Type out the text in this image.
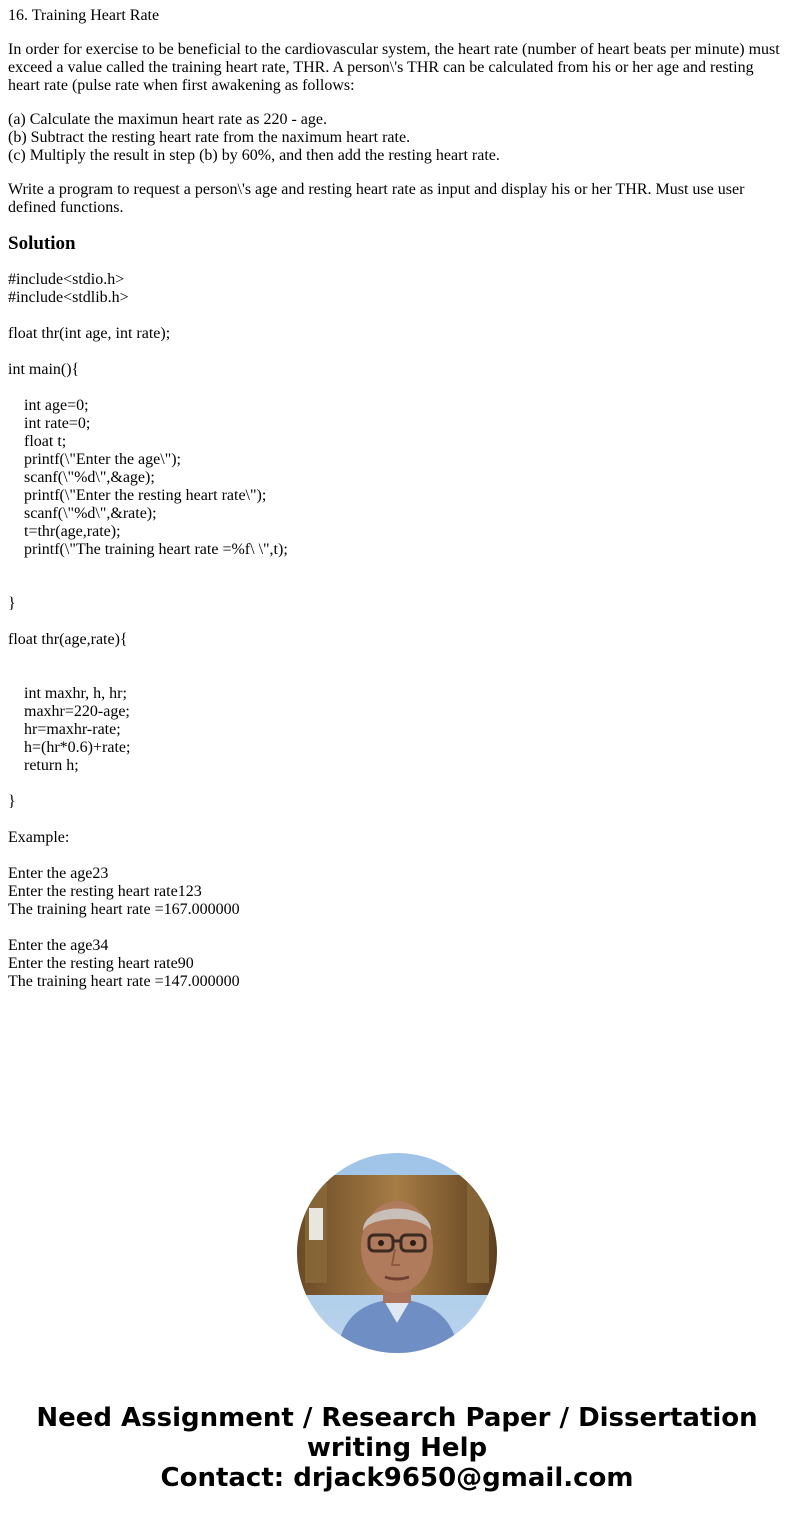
16. Training Heart Rate

In order for exercise to be beneficial to the cardiovascular system, the heart rate (number of heart beats per minute) must exceed a value called the training heart rate, THR. A person\'s THR can be calculated from his or her age and resting heart rate (pulse rate when first awakening as follows:

(a) Calculate the maximun heart rate as 220 - age.
(b) Subtract the resting heart rate from the naximum heart rate.
(c) Multiply the result in step (b) by 60%, and then add the resting heart rate.

Write a program to request a person\'s age and resting heart rate as input and display his or her THR. Must use user defined functions.

Solution
#include<stdio.h>
#include<stdlib.h>
float thr(int age, int rate);
int main(){
int age=0;
int rate=0;
float t;
printf(\"Enter the age\");
scanf(\"%d\",&age);
printf(\"Enter the resting heart rate\");
scanf(\"%d\",&rate);
t=thr(age,rate);
printf(\"The training heart rate =%f\ \",t);
}
float thr(age,rate){
int maxhr, h, hr;
maxhr=220-age;
hr=maxhr-rate;
h=(hr*0.6)+rate;
return h;
}
Example:
Enter the age23
Enter the resting heart rate123
The training heart rate =167.000000
Enter the age34
Enter the resting heart rate90
The training heart rate =147.000000
Need Assignment / Research Paper / Dissertation
writing Help
Contact: drjack9650@gmail.com
